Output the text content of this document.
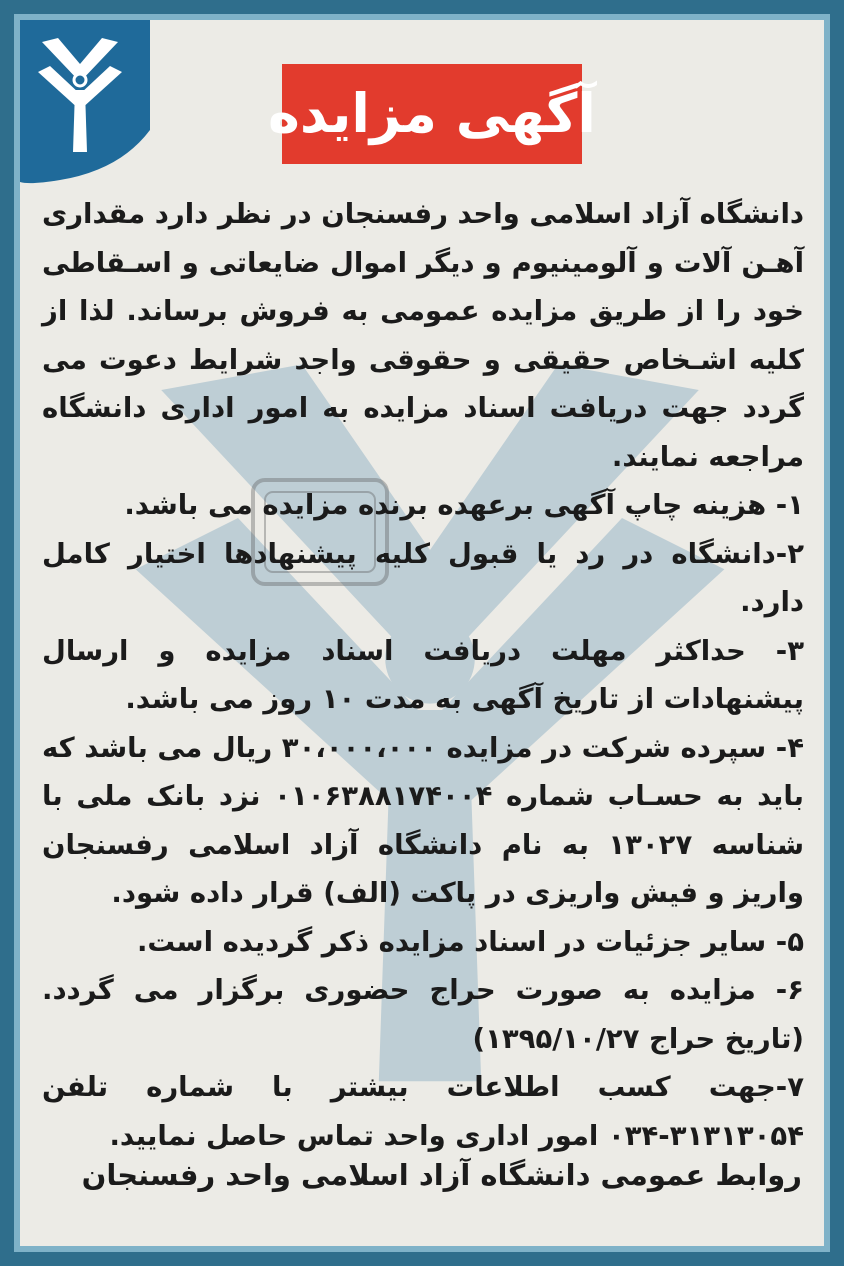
آگهی مزایده

دانشگاه آزاد اسلامی واحد رفسنجان در نظر دارد مقداری آهـن آلات و آلومینیوم و دیگر اموال ضایعاتی و اسـقاطی خود را از طریق مزایده عمومی به فروش برساند. لذا از کلیه اشـخاص حقیقی و حقوقی واجد شرایط دعوت می گردد جهت دریافت اسناد مزایده به امور اداری دانشگاه مراجعه نمایند.

۱- هزینه چاپ آگهی برعهده برنده مزایده می باشد.
۲-دانشگاه در رد یا قبول کلیه پیشنهادها اختیار کامل دارد.
۳- حداکثر مهلت دریافت اسناد مزایده و ارسال پیشنهادات از تاریخ آگهی به مدت ۱۰ روز می باشد.
۴- سپرده شرکت در مزایده ۳۰،۰۰۰،۰۰۰ ریال می باشد که باید به حسـاب شماره ۰۱۰۶۳۸۸۱۷۴۰۰۴ نزد بانک ملی با شناسه ۱۳۰۲۷ به نام دانشگاه آزاد اسلامی رفسنجان واریز و فیش واریزی در پاکت (الف) قرار داده شود.
۵- سایر جزئیات در اسناد مزایده ذکر گردیده است.
۶- مزایده به صورت حراج حضوری برگزار می گردد. (تاریخ حراج ۱۳۹۵/۱۰/۲۷)
۷-جهت کسب اطلاعات بیشتر با شماره تلفن ۳۱۳۱۳۰۵۴-۰۳۴ امور اداری واحد تماس حاصل نمایید.
روابط عمومی دانشگاه آزاد اسلامی واحد رفسنجان
